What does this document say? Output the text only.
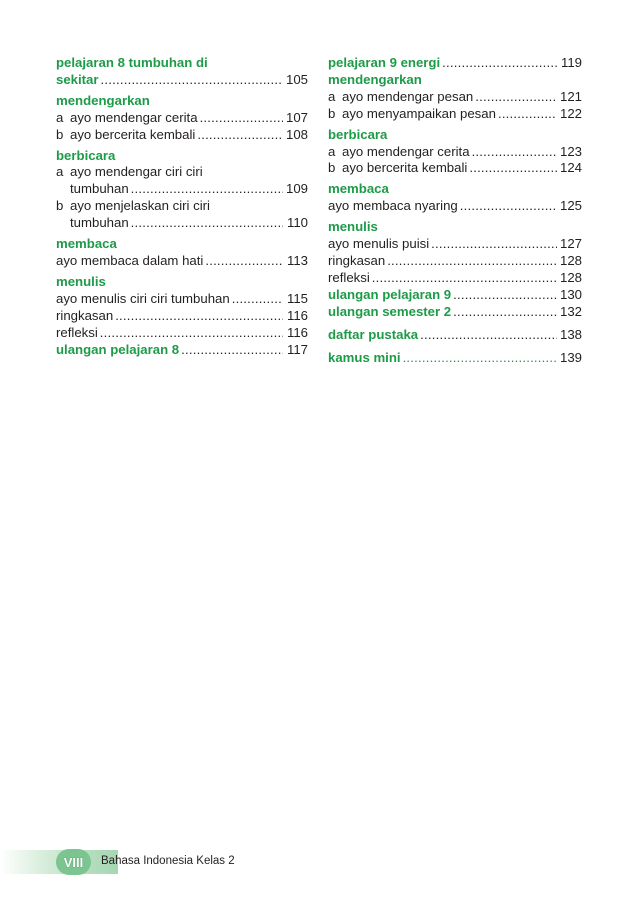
pelajaran 8 tumbuhan di
sekitar .....	105
mendengarkan
a ayo mendengar cerita .....	107
b ayo bercerita kembali .....	108
berbicara
a ayo mendengar ciri ciri
tumbuhan .....	109
b ayo menjelaskan ciri ciri
tumbuhan .....	110
membaca
ayo membaca dalam hati .....	113
menulis
ayo menulis ciri ciri tumbuhan .....	115
ringkasan .....	116
refleksi .....	116
ulangan pelajaran 8 .....	117
pelajaran 9 energi .....	119
mendengarkan
a ayo mendengar pesan .....	121
b ayo menyampaikan pesan .....	122
berbicara
a ayo mendengar cerita .....	123
b ayo bercerita kembali .....	124
membaca
ayo membaca nyaring .....	125
menulis
ayo menulis puisi .....	127
ringkasan .....	128
refleksi .....	128
ulangan pelajaran 9 .....	130
ulangan semester 2 .....	132
daftar pustaka .....	138
kamus mini .....	139
VIII	Bahasa Indonesia Kelas 2
